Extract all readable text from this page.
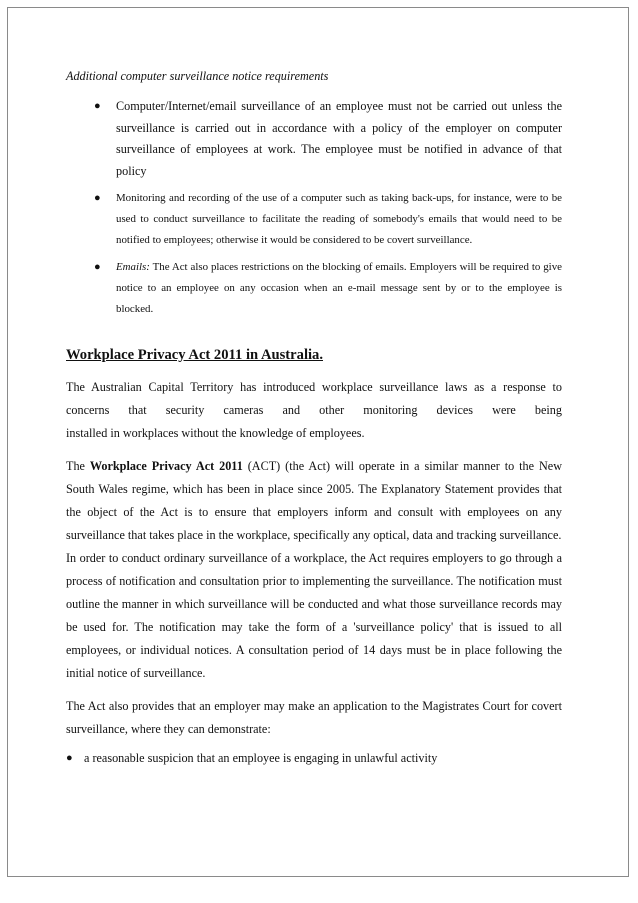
Additional computer surveillance notice requirements
● Computer/Internet/email surveillance of an employee must not be carried out unless the surveillance is carried out in accordance with a policy of the employer on computer surveillance of employees at work. The employee must be notified in advance of that policy
● Monitoring and recording of the use of a computer such as taking back-ups, for instance, were to be used to conduct surveillance to facilitate the reading of somebody's emails that would need to be notified to employees; otherwise it would be considered to be covert surveillance.
● Emails: The Act also places restrictions on the blocking of emails. Employers will be required to give notice to an employee on any occasion when an e-mail message sent by or to the employee is blocked.
Workplace Privacy Act 2011 in Australia.

The Australian Capital Territory has introduced workplace surveillance laws as a response to

concerns that security cameras and other monitoring devices were being

installed in workplaces without the knowledge of employees.

The Workplace Privacy Act 2011 (ACT) (the Act) will operate in a similar manner to the New South Wales regime, which has been in place since 2005. The Explanatory Statement provides that the object of the Act is to ensure that employers inform and consult with employees on any surveillance that takes place in the workplace, specifically any optical, data and tracking surveillance.

In order to conduct ordinary surveillance of a workplace, the Act requires employers to go through a process of notification and consultation prior to implementing the surveillance. The notification must outline the manner in which surveillance will be conducted and what those surveillance records may be used for. The notification may take the form of a 'surveillance policy' that is issued to all employees, or individual notices. A consultation period of 14 days must be in place following the initial notice of surveillance.

The Act also provides that an employer may make an application to the Magistrates Court for covert surveillance, where they can demonstrate:

● a reasonable suspicion that an employee is engaging in unlawful activity
